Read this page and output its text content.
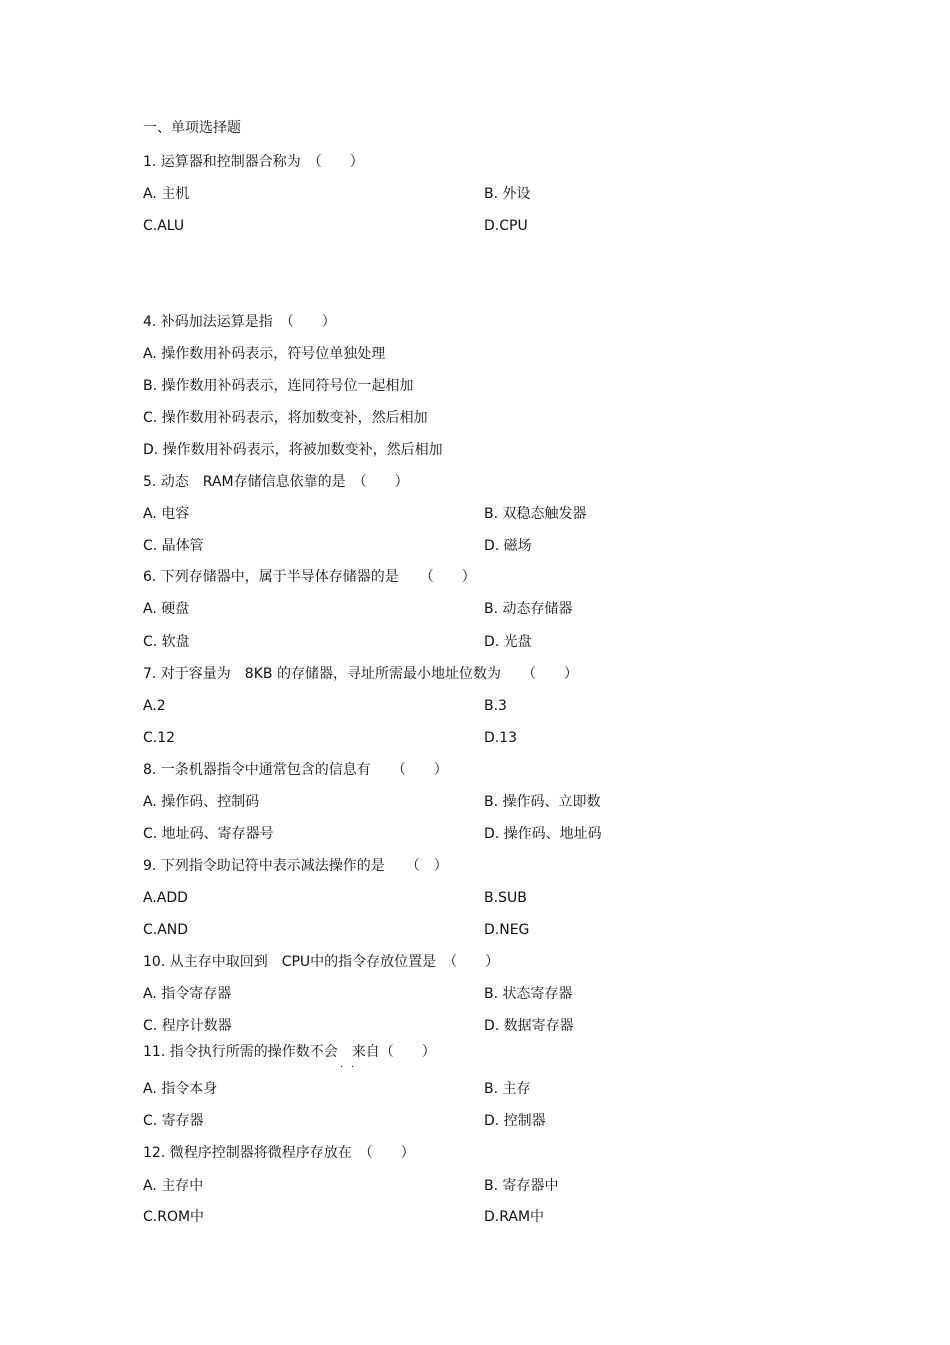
一、单项选择题
1. 运算器和控制器合称为　（　　）
A. 主机	B. 外设
C.ALU	D.CPU
4. 补码加法运算是指　（　　）
A. 操作数用补码表示，符号位单独处理
B. 操作数用补码表示，连同符号位一起相加
C. 操作数用补码表示，将加数变补，然后相加
D. 操作数用补码表示，将被加数变补，然后相加
5. 动态　RAM存储信息依靠的是　（　　）
A. 电容	B. 双稳态触发器
C. 晶体管	D. 磁场
6. 下列存储器中，属于半导体存储器的是　　（　　）
A. 硬盘	B. 动态存储器
C. 软盘	D. 光盘
7. 对于容量为　8KB 的存储器，寻址所需最小地址位数为　　（　　）
A.2	B.3
C.12	D.13
8. 一条机器指令中通常包含的信息有　　（　　）
A. 操作码、控制码	B. 操作码、立即数
C. 地址码、寄存器号	D. 操作码、地址码
9. 下列指令助记符中表示减法操作的是　　（　）
A.ADD	B.SUB
C.AND	D.NEG
10. 从主存中取回到　CPU中的指令存放位置是　（　　）
A. 指令寄存器	B. 状态寄存器
C. 程序计数器	D. 数据寄存器
11. 指令执行所需的操作数不会　来自（　　）
．．
A. 指令本身	B. 主存
C. 寄存器	D. 控制器
12. 微程序控制器将微程序存放在　（　　）
A. 主存中	B. 寄存器中
C.ROM中	D.RAM中
